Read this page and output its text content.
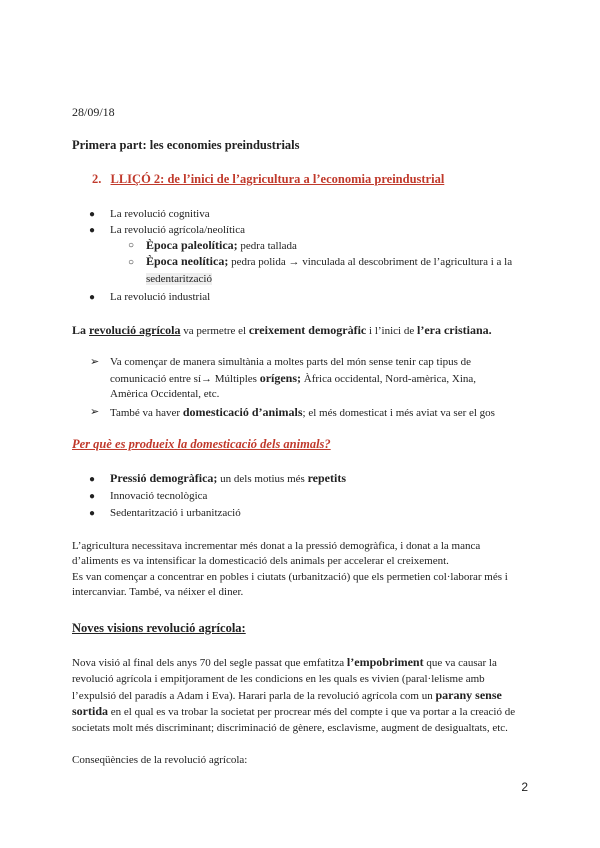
28/09/18
Primera part: les economies preindustrials
2. LLIÇÓ 2: de l’inici de l’agricultura a l’economia preindustrial
● La revolució cognitiva
● La revolució agrícola/neolítica
○ Època paleolítica; pedra tallada
○ Època neolítica; pedra polida → vinculada al descobriment de l’agricultura i a la
sedentarització
● La revolució industrial
La revolució agrícola va permetre el creixement demogràfic i l’inici de l’era cristiana.
➢ Va començar de manera simultània a moltes parts del món sense tenir cap tipus de
comunicació entre sí→ Múltiples orígens; Àfrica occidental, Nord-amèrica, Xina,
Amèrica Occidental, etc.
➢ També va haver domesticació d’animals; el més domesticat i més aviat va ser el gos
Per què es produeix la domesticació dels animals?
● Pressió demogràfica; un dels motius més repetits
● Innovació tecnològica
● Sedentarització i urbanització
L’agricultura necessitava incrementar més donat a la pressió demogràfica, i donat a la manca
d’aliments es va intensificar la domesticació dels animals per accelerar el creixement.
Es van començar a concentrar en pobles i ciutats (urbanització) que els permetien col·laborar més i
intercanviar. També, va néixer el diner.
Noves visions revolució agrícola:
Nova visió al final dels anys 70 del segle passat que emfatitza l’empobriment que va causar la
revolució agrícola i empitjorament de les condicions en les quals es vivien (paral·lelisme amb
l’expulsió del paradís a Adam i Eva). Harari parla de la revolució agrícola com un parany sense
sortida en el qual es va trobar la societat per procrear més del compte i que va portar a la creació de
societats molt més discriminant; discriminació de gènere, esclavisme, augment de desigualtats, etc.
Conseqüències de la revolució agrícola:
2
